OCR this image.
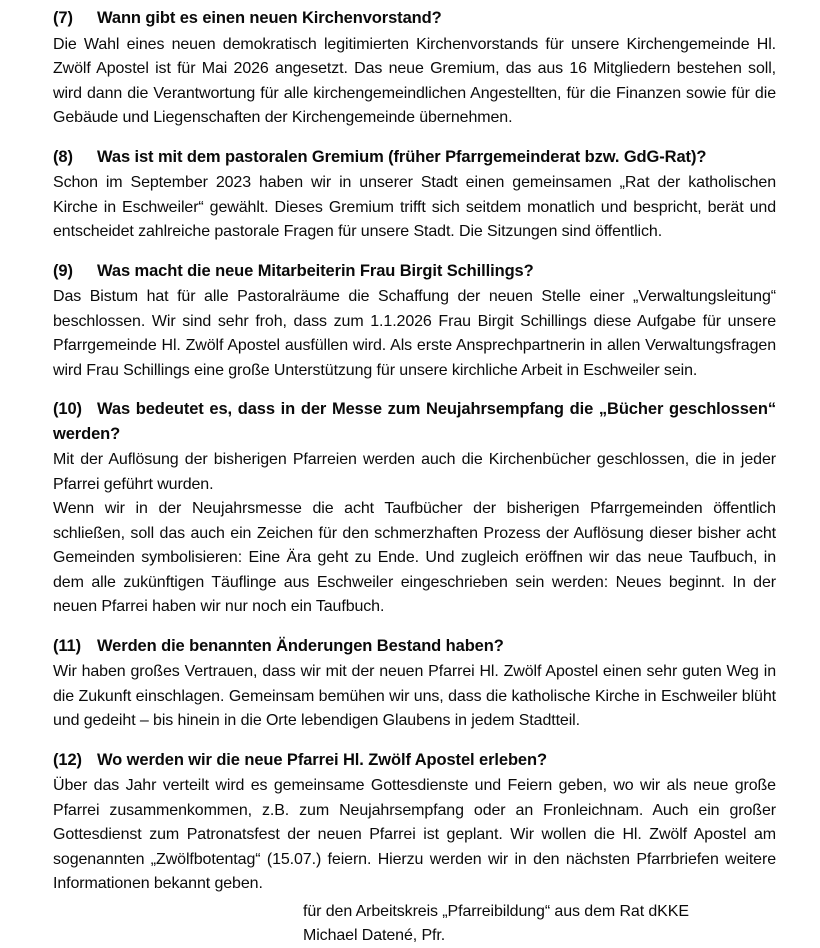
(7) Wann gibt es einen neuen Kirchenvorstand?

Die Wahl eines neuen demokratisch legitimierten Kirchenvorstands für unsere Kirchengemeinde Hl. Zwölf Apostel ist für Mai 2026 angesetzt. Das neue Gremium, das aus 16 Mitgliedern bestehen soll, wird dann die Verantwortung für alle kirchengemeindlichen Angestellten, für die Finanzen sowie für die Gebäude und Liegenschaften der Kirchengemeinde übernehmen.

(8) Was ist mit dem pastoralen Gremium (früher Pfarrgemeinderat bzw. GdG-Rat)?

Schon im September 2023 haben wir in unserer Stadt einen gemeinsamen „Rat der katholischen Kirche in Eschweiler“ gewählt. Dieses Gremium trifft sich seitdem monatlich und bespricht, berät und entscheidet zahlreiche pastorale Fragen für unsere Stadt. Die Sitzungen sind öffentlich.

(9) Was macht die neue Mitarbeiterin Frau Birgit Schillings?

Das Bistum hat für alle Pastoralräume die Schaffung der neuen Stelle einer „Verwaltungsleitung“ beschlossen. Wir sind sehr froh, dass zum 1.1.2026 Frau Birgit Schillings diese Aufgabe für unsere Pfarrgemeinde Hl. Zwölf Apostel ausfüllen wird. Als erste Ansprechpartnerin in allen Verwaltungsfragen wird Frau Schillings eine große Unterstützung für unsere kirchliche Arbeit in Eschweiler sein.

(10) Was bedeutet es, dass in der Messe zum Neujahrsempfang die „Bücher geschlossen“ werden?

Mit der Auflösung der bisherigen Pfarreien werden auch die Kirchenbücher geschlossen, die in jeder Pfarrei geführt wurden.

Wenn wir in der Neujahrsmesse die acht Taufbücher der bisherigen Pfarrgemeinden öffentlich schließen, soll das auch ein Zeichen für den schmerzhaften Prozess der Auflösung dieser bisher acht Gemeinden symbolisieren: Eine Ära geht zu Ende. Und zugleich eröffnen wir das neue Taufbuch, in dem alle zukünftigen Täuflinge aus Eschweiler eingeschrieben sein werden: Neues beginnt. In der neuen Pfarrei haben wir nur noch ein Taufbuch.

(11) Werden die benannten Änderungen Bestand haben?

Wir haben großes Vertrauen, dass wir mit der neuen Pfarrei Hl. Zwölf Apostel einen sehr guten Weg in die Zukunft einschlagen. Gemeinsam bemühen wir uns, dass die katholische Kirche in Eschweiler blüht und gedeiht – bis hinein in die Orte lebendigen Glaubens in jedem Stadtteil.

(12) Wo werden wir die neue Pfarrei Hl. Zwölf Apostel erleben?

Über das Jahr verteilt wird es gemeinsame Gottesdienste und Feiern geben, wo wir als neue große Pfarrei zusammenkommen, z.B. zum Neujahrsempfang oder an Fronleichnam. Auch ein großer Gottesdienst zum Patronatsfest der neuen Pfarrei ist geplant. Wir wollen die Hl. Zwölf Apostel am sogenannten „Zwölfbotentag“ (15.07.) feiern. Hierzu werden wir in den nächsten Pfarrbriefen weitere Informationen bekannt geben.

für den Arbeitskreis „Pfarreibildung“ aus dem Rat dKKE
Michael Datené, Pfr.
